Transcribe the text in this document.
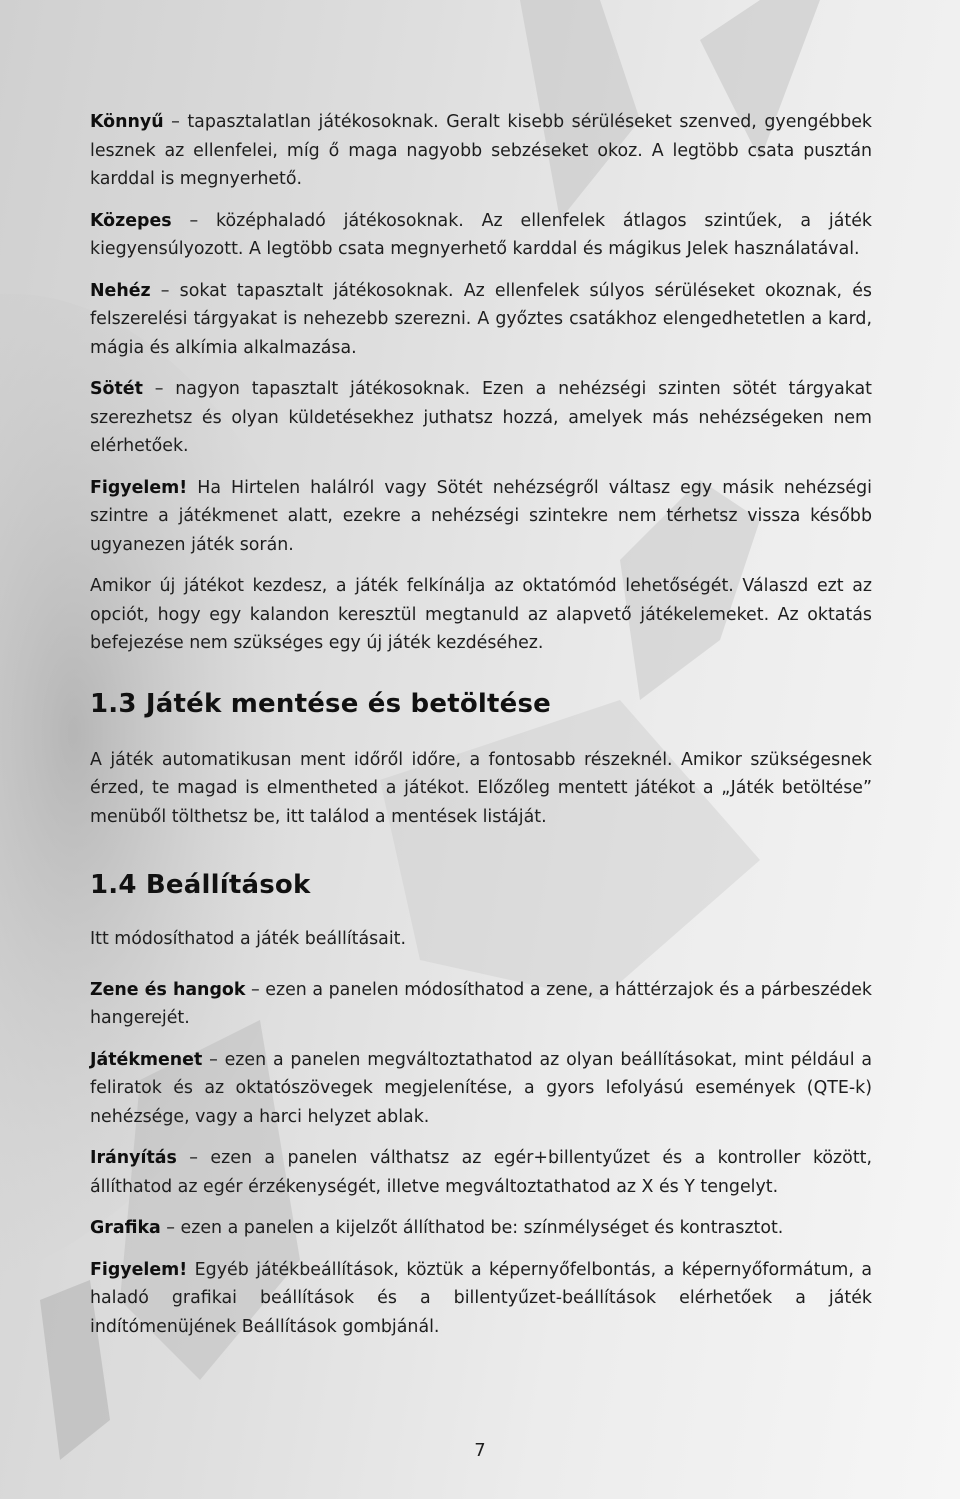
Könnyű – tapasztalatlan játékosoknak. Geralt kisebb sérüléseket szenved, gyengébbek lesznek az ellenfelei, míg ő maga nagyobb sebzéseket okoz. A legtöbb csata pusztán karddal is megnyerhető.

Közepes – középhaladó játékosoknak. Az ellenfelek átlagos szintűek, a játék kiegyensúlyozott. A legtöbb csata megnyerhető karddal és mágikus Jelek használatával.

Nehéz – sokat tapasztalt játékosoknak. Az ellenfelek súlyos sérüléseket okoznak, és felszerelési tárgyakat is nehezebb szerezni. A győztes csatákhoz elengedhetetlen a kard, mágia és alkímia alkalmazása.

Sötét – nagyon tapasztalt játékosoknak. Ezen a nehézségi szinten sötét tárgyakat szerezhetsz és olyan küldetésekhez juthatsz hozzá, amelyek más nehézségeken nem elérhetőek.

Figyelem! Ha Hirtelen halálról vagy Sötét nehézségről váltasz egy másik nehézségi szintre a játékmenet alatt, ezekre a nehézségi szintekre nem térhetsz vissza később ugyanezen játék során.

Amikor új játékot kezdesz, a játék felkínálja az oktatómód lehetőségét. Válaszd ezt az opciót, hogy egy kalandon keresztül megtanuld az alapvető játékelemeket. Az oktatás befejezése nem szükséges egy új játék kezdéséhez.

1.3 Játék mentése és betöltése

A játék automatikusan ment időről időre, a fontosabb részeknél. Amikor szükségesnek érzed, te magad is elmentheted a játékot. Előzőleg mentett játékot a „Játék betöltése” menüből tölthetsz be, itt találod a mentések listáját.

1.4 Beállítások

Itt módosíthatod a játék beállításait.

Zene és hangok – ezen a panelen módosíthatod a zene, a háttérzajok és a párbeszédek hangerejét.

Játékmenet – ezen a panelen megváltoztathatod az olyan beállításokat, mint például a feliratok és az oktatószövegek megjelenítése, a gyors lefolyású események (QTE-k) nehézsége, vagy a harci helyzet ablak.

Irányítás – ezen a panelen válthatsz az egér+billentyűzet és a kontroller között, állíthatod az egér érzékenységét, illetve megváltoztathatod az X és Y tengelyt.

Grafika – ezen a panelen a kijelzőt állíthatod be: színmélységet és kontrasztot.

Figyelem! Egyéb játékbeállítások, köztük a képernyőfelbontás, a képernyőformátum, a haladó grafikai beállítások és a billentyűzet-beállítások elérhetőek a játék indítómenüjének Beállítások gombjánál.

7
